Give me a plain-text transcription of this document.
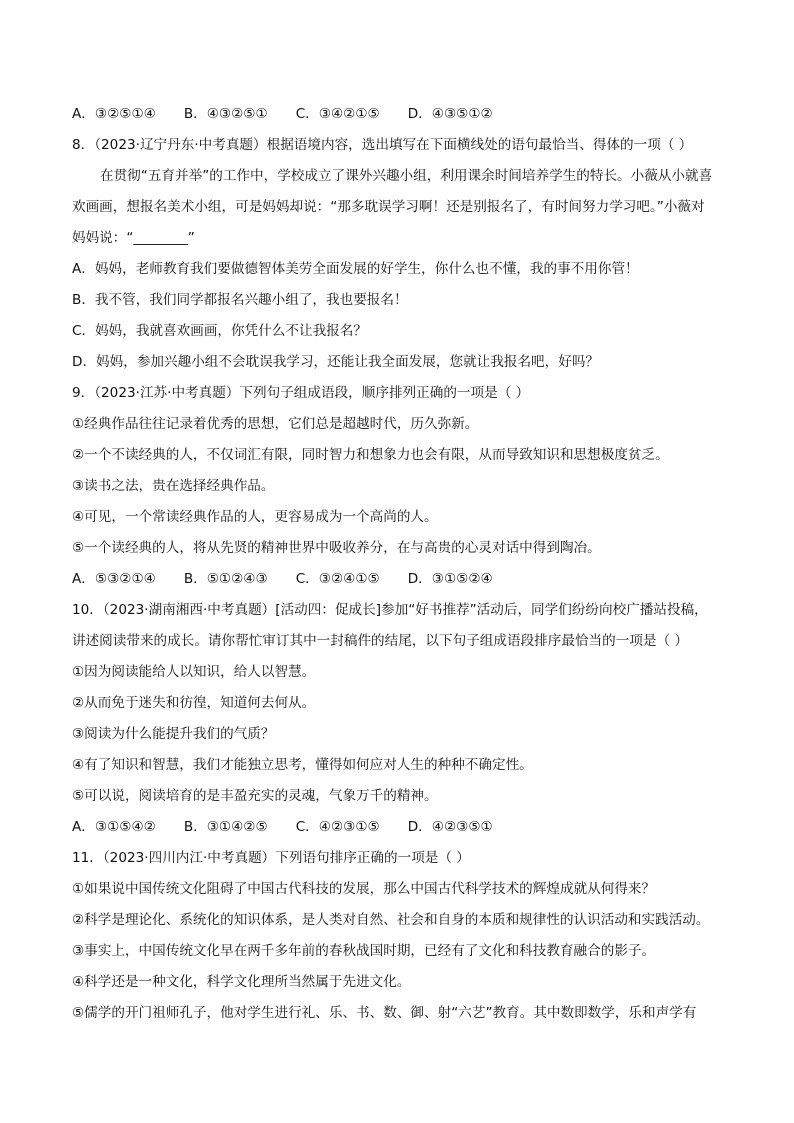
A．③②⑤①④ B．④③②⑤① C．③④②①⑤ D．④③⑤①②
8．（2023·辽宁丹东·中考真题）根据语境内容，选出填写在下面横线处的语句最恰当、得体的一项（ ）
在贯彻“五育并举”的工作中，学校成立了课外兴趣小组，利用课余时间培养学生的特长。小薇从小就喜
欢画画，想报名美术小组，可是妈妈却说：“那多耽误学习啊！还是别报名了，有时间努力学习吧。”小薇对
妈妈说：“________”
A．妈妈，老师教育我们要做德智体美劳全面发展的好学生，你什么也不懂，我的事不用你管！
B．我不管，我们同学都报名兴趣小组了，我也要报名！
C．妈妈，我就喜欢画画，你凭什么不让我报名？
D．妈妈，参加兴趣小组不会耽误我学习，还能让我全面发展，您就让我报名吧，好吗？
9．（2023·江苏·中考真题）下列句子组成语段，顺序排列正确的一项是（ ）
①经典作品往往记录着优秀的思想，它们总是超越时代，历久弥新。
②一个不读经典的人，不仅词汇有限，同时智力和想象力也会有限，从而导致知识和思想极度贫乏。
③读书之法，贵在选择经典作品。
④可见，一个常读经典作品的人，更容易成为一个高尚的人。
⑤一个读经典的人，将从先贤的精神世界中吸收养分，在与高贵的心灵对话中得到陶冶。
A．⑤③②①④ B．⑤①②④③ C．③②④①⑤ D．③①⑤②④
10．（2023·湖南湘西·中考真题）[活动四：促成长]参加“好书推荐”活动后，同学们纷纷向校广播站投稿，
讲述阅读带来的成长。请你帮忙审订其中一封稿件的结尾，以下句子组成语段排序最恰当的一项是（ ）
①因为阅读能给人以知识，给人以智慧。
②从而免于迷失和彷徨，知道何去何从。
③阅读为什么能提升我们的气质？
④有了知识和智慧，我们才能独立思考，懂得如何应对人生的种种不确定性。
⑤可以说，阅读培育的是丰盈充实的灵魂，气象万千的精神。
A．③①⑤④② B．③①④②⑤ C．④②③①⑤ D．④②③⑤①
11．（2023·四川内江·中考真题）下列语句排序正确的一项是（ ）
①如果说中国传统文化阻碍了中国古代科技的发展，那么中国古代科学技术的辉煌成就从何得来？
②科学是理论化、系统化的知识体系，是人类对自然、社会和自身的本质和规律性的认识活动和实践活动。
③事实上，中国传统文化早在两千多年前的春秋战国时期，已经有了文化和科技教育融合的影子。
④科学还是一种文化，科学文化理所当然属于先进文化。
⑤儒学的开门祖师孔子，他对学生进行礼、乐、书、数、御、射“六艺”教育。其中数即数学，乐和声学有
